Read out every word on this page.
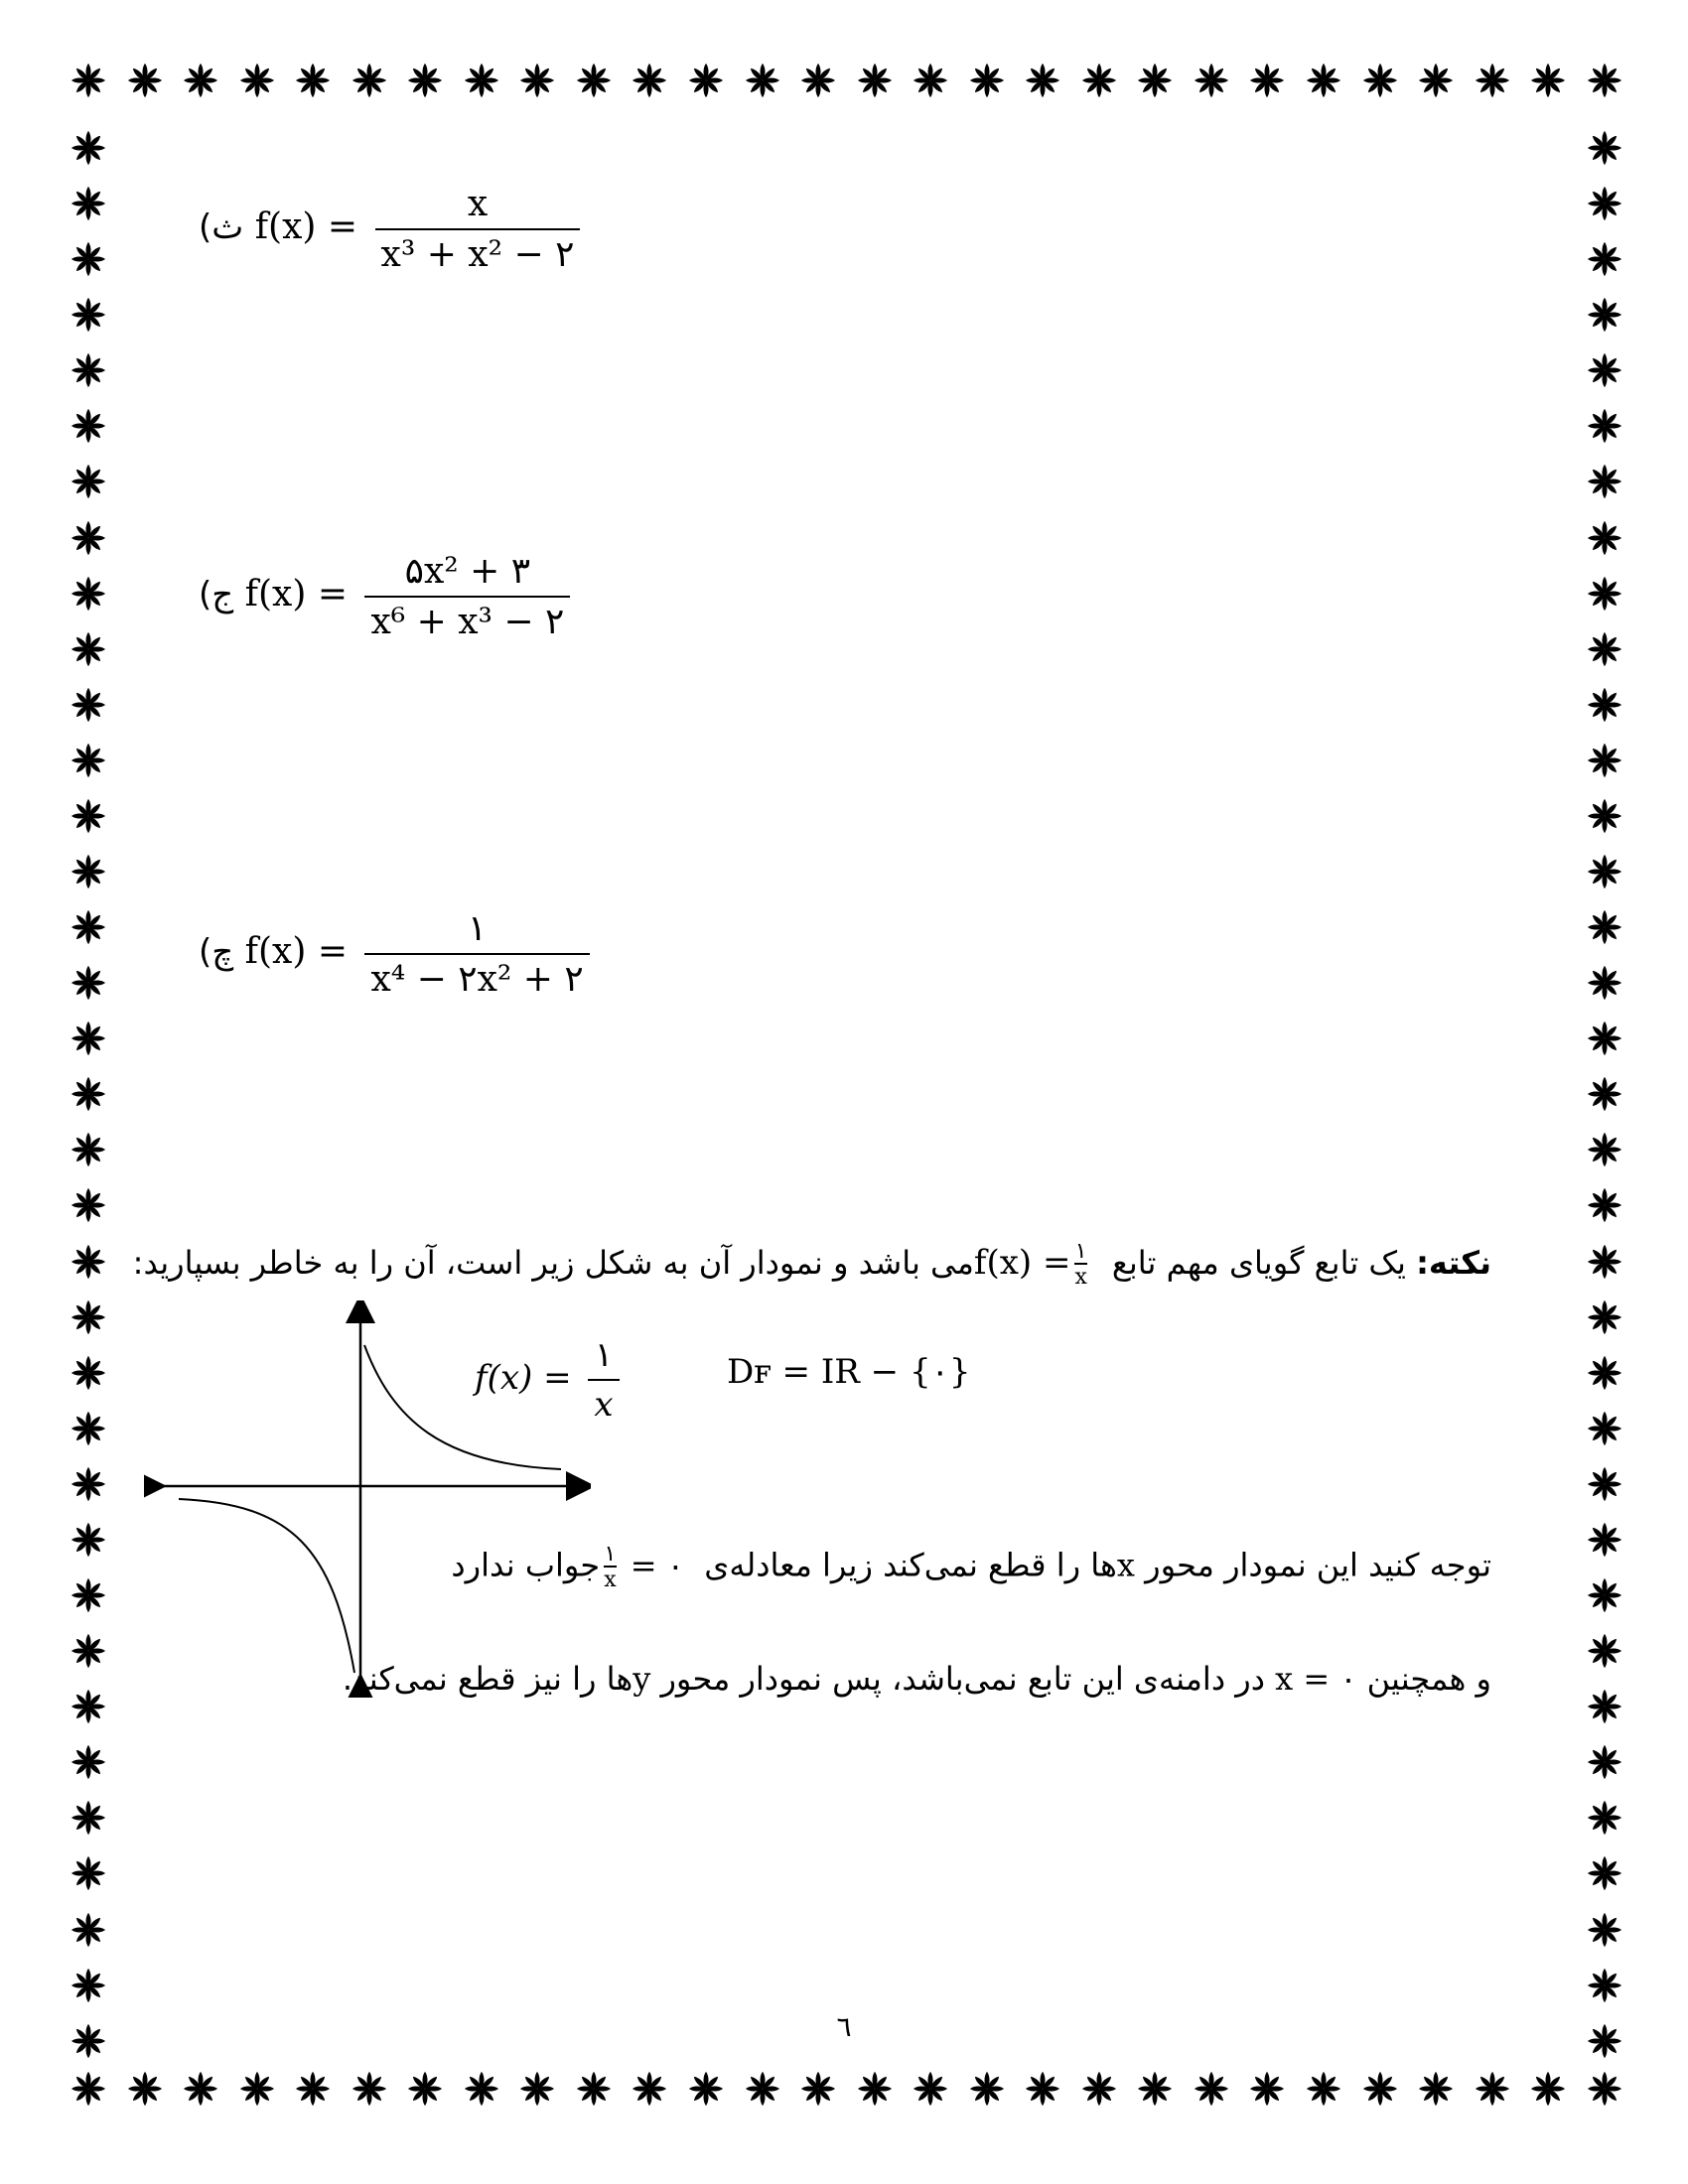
ث) $f(x) = \frac{x}{\text{x³ + x² − ۲}}$
ج) $f(x) = \frac{\text{۵x² + ۳}}{\text{x⁶ + x³ − ۲}}$
چ) $f(x) = \frac{۱}{\text{x⁴ − ۲x² + ۲}}$
نکته: یک تابع گویای مهم تابع $f(x) = \frac{۱}{x}$
می باشد و نمودار آن به شکل زیر است، آن را به خاطر بسپارید:
$f(x) = \frac{۱}{x}$	Dꜰ = IR − {۰}
توجه کنید این نمودار محور xها را قطع نمی‌کند زیرا معادله‌ی
$\frac{۱}{x}$ = ۰ جواب ندارد
و همچنین x = ۰ در دامنه‌ی این تابع نمی‌باشد، پس نمودار محور yها را نیز قطع نمی‌کند.
٦
